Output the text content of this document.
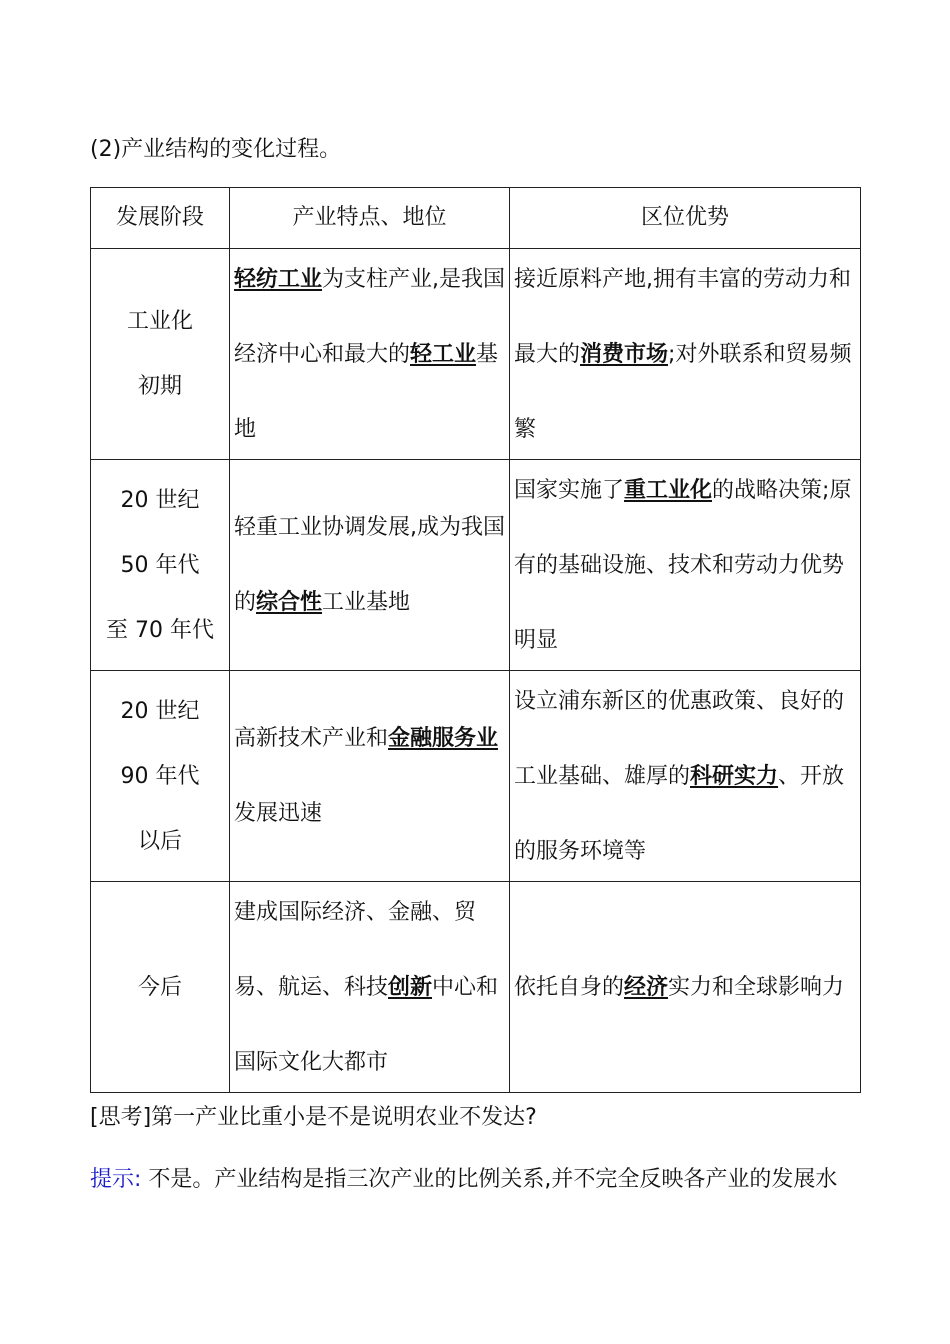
(2)产业结构的变化过程。
发展阶段	产业特点、地位	区位优势

工业化
初期	轻纺工业为支柱产业,是我国经济中心和最大的轻工业基地	接近原料产地,拥有丰富的劳动力和最大的消费市场;对外联系和贸易频繁

20 世纪
50 年代
至 70 年代	轻重工业协调发展,成为我国的综合性工业基地	国家实施了重工业化的战略决策;原有的基础设施、技术和劳动力优势明显

20 世纪
90 年代
以后	高新技术产业和金融服务业发展迅速	设立浦东新区的优惠政策、良好的工业基础、雄厚的科研实力、开放的服务环境等

今后	建成国际经济、金融、贸易、航运、科技创新中心和国际文化大都市	依托自身的经济实力和全球影响力
[思考]第一产业比重小是不是说明农业不发达?
提示: 不是。产业结构是指三次产业的比例关系,并不完全反映各产业的发展水
